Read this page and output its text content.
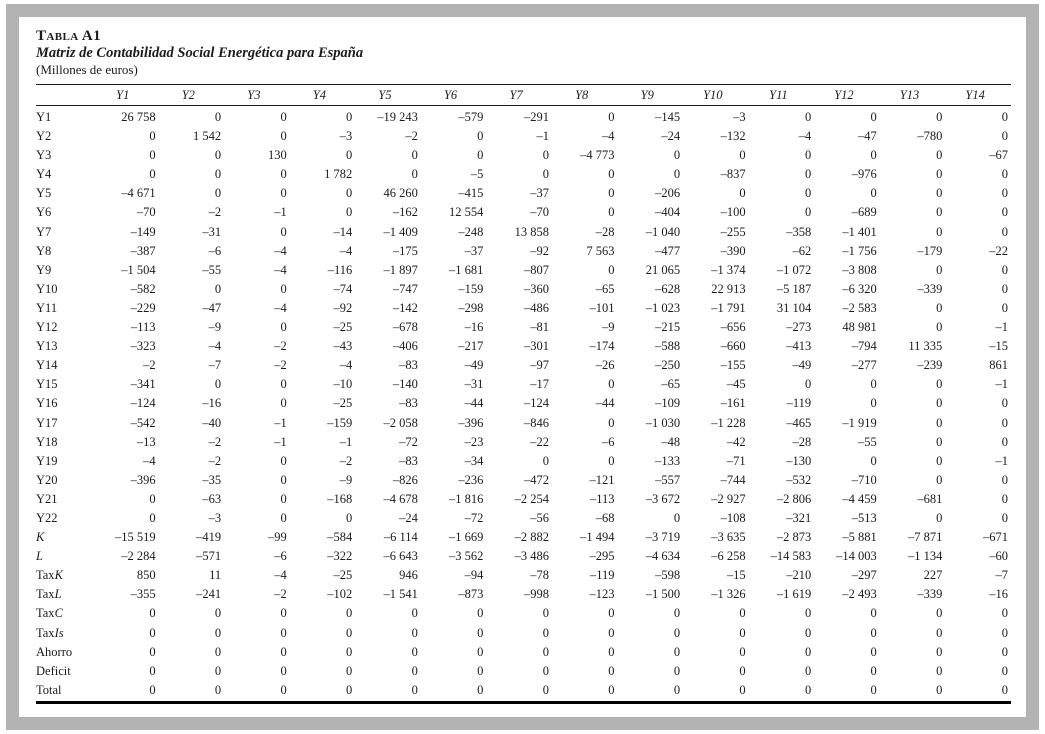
Tabla A1
Matriz de Contabilidad Social Energética para España
(Millones de euros)
	Y1	Y2	Y3	Y4	Y5	Y6	Y7	Y8	Y9	Y10	Y11	Y12	Y13	Y14
Y1	26 758	0	0	0	–19 243	–579	–291	0	–145	–3	0	0	0	0
Y2	0	1 542	0	–3	–2	0	–1	–4	–24	–132	–4	–47	–780	0
Y3	0	0	130	0	0	0	0	–4 773	0	0	0	0	0	–67
Y4	0	0	0	1 782	0	–5	0	0	0	–837	0	–976	0	0
Y5	–4 671	0	0	0	46 260	–415	–37	0	–206	0	0	0	0	0
Y6	–70	–2	–1	0	–162	12 554	–70	0	–404	–100	0	–689	0	0
Y7	–149	–31	0	–14	–1 409	–248	13 858	–28	–1 040	–255	–358	–1 401	0	0
Y8	–387	–6	–4	–4	–175	–37	–92	7 563	–477	–390	–62	–1 756	–179	–22
Y9	–1 504	–55	–4	–116	–1 897	–1 681	–807	0	21 065	–1 374	–1 072	–3 808	0	0
Y10	–582	0	0	–74	–747	–159	–360	–65	–628	22 913	–5 187	–6 320	–339	0
Y11	–229	–47	–4	–92	–142	–298	–486	–101	–1 023	–1 791	31 104	–2 583	0	0
Y12	–113	–9	0	–25	–678	–16	–81	–9	–215	–656	–273	48 981	0	–1
Y13	–323	–4	–2	–43	–406	–217	–301	–174	–588	–660	–413	–794	11 335	–15
Y14	–2	–7	–2	–4	–83	–49	–97	–26	–250	–155	–49	–277	–239	861
Y15	–341	0	0	–10	–140	–31	–17	0	–65	–45	0	0	0	–1
Y16	–124	–16	0	–25	–83	–44	–124	–44	–109	–161	–119	0	0	0
Y17	–542	–40	–1	–159	–2 058	–396	–846	0	–1 030	–1 228	–465	–1 919	0	0
Y18	–13	–2	–1	–1	–72	–23	–22	–6	–48	–42	–28	–55	0	0
Y19	–4	–2	0	–2	–83	–34	0	0	–133	–71	–130	0	0	–1
Y20	–396	–35	0	–9	–826	–236	–472	–121	–557	–744	–532	–710	0	0
Y21	0	–63	0	–168	–4 678	–1 816	–2 254	–113	–3 672	–2 927	–2 806	–4 459	–681	0
Y22	0	–3	0	0	–24	–72	–56	–68	0	–108	–321	–513	0	0
K	–15 519	–419	–99	–584	–6 114	–1 669	–2 882	–1 494	–3 719	–3 635	–2 873	–5 881	–7 871	–671
L	–2 284	–571	–6	–322	–6 643	–3 562	–3 486	–295	–4 634	–6 258	–14 583	–14 003	–1 134	–60
TaxK	850	11	–4	–25	946	–94	–78	–119	–598	–15	–210	–297	227	–7
TaxL	–355	–241	–2	–102	–1 541	–873	–998	–123	–1 500	–1 326	–1 619	–2 493	–339	–16
TaxC	0	0	0	0	0	0	0	0	0	0	0	0	0	0
TaxIs	0	0	0	0	0	0	0	0	0	0	0	0	0	0
Ahorro	0	0	0	0	0	0	0	0	0	0	0	0	0	0
Deficit	0	0	0	0	0	0	0	0	0	0	0	0	0	0
Total	0	0	0	0	0	0	0	0	0	0	0	0	0	0
